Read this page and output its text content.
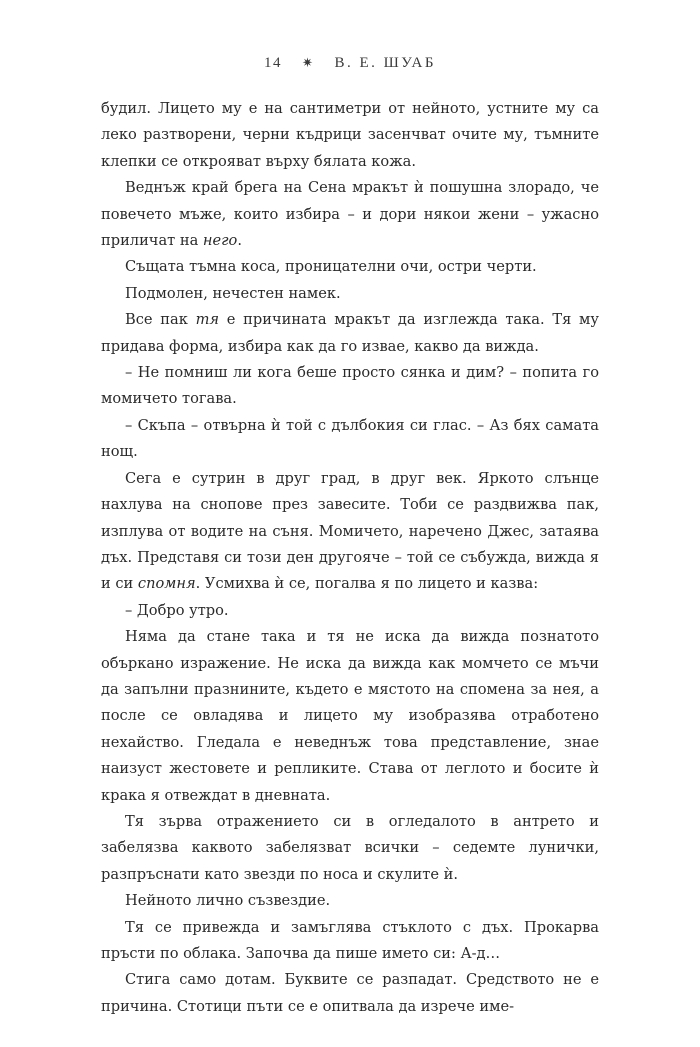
14 ✷ В. Е. ШУАБ

будил. Лицето му е на сантиметри от нейното, устните му са леко разтворени, черни къдрици засенчват очите му, тъмните клепки се открояват върху бялата кожа.

Веднъж край брега на Сена мракът ѝ пошушна злорадо, че повечето мъже, които избира – и дори някои жени – ужасно приличат на него.

Същата тъмна коса, проницателни очи, остри черти.

Подмолен, нечестен намек.

Все пак тя е причината мракът да изглежда така. Тя му придава форма, избира как да го извае, какво да вижда.

– Не помниш ли кога беше просто сянка и дим? – попита го момичето тогава.

– Скъпа – отвърна ѝ той с дълбокия си глас. – Аз бях самата нощ.

Сега е сутрин в друг град, в друг век. Яркото слънце нахлува на снопове през завесите. Тоби се раздвижва пак, изплува от водите на съня. Момичето, наречено Джес, затаява дъх. Представя си този ден другояче – той се събужда, вижда я и си спомня. Усмихва ѝ се, погалва я по лицето и казва:

– Добро утро.

Няма да стане така и тя не иска да вижда познатото объркано изражение. Не иска да вижда как момчето се мъчи да запълни празнините, където е мястото на спомена за нея, а после се овладява и лицето му изобразява отработено нехайство. Гледала е неведнъж това представление, знае наизуст жестовете и репликите. Става от леглото и босите ѝ крака я отвеждат в дневната.

Тя зърва отражението си в огледалото в антрето и забелязва каквото забелязват всички – седемте лунички, разпръснати като звезди по носа и скулите ѝ.

Нейното лично съзвездие.

Тя се привежда и замъглява стъклото с дъх. Прокарва пръсти по облака. Започва да пише името си: А-д…

Стига само дотам. Буквите се разпадат. Средството не е причина. Стотици пъти се е опитвала да изрече име-
